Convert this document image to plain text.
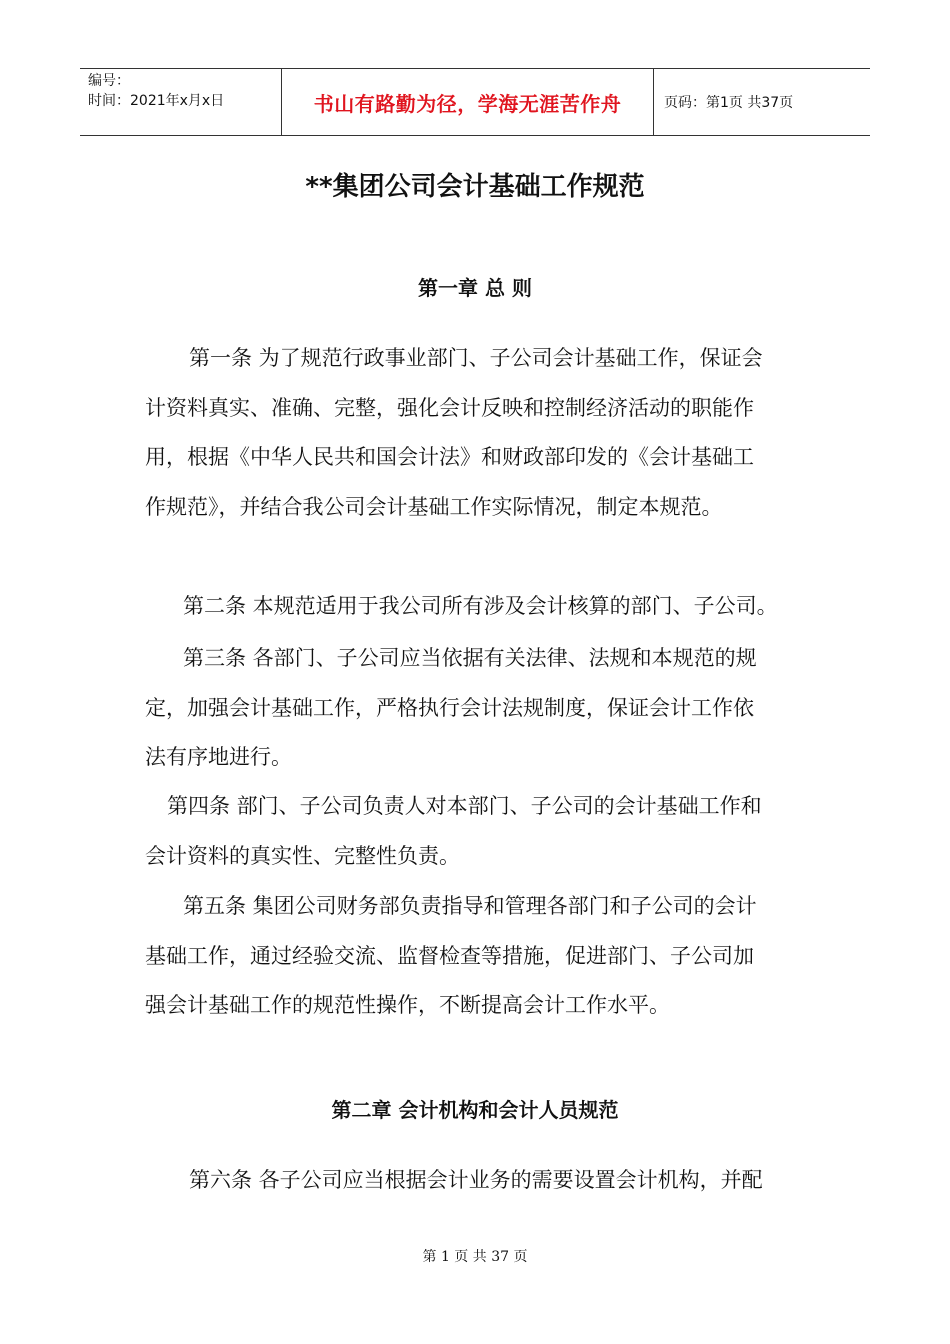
编号：
时间：2021年x月x日	书山有路勤为径，学海无涯苦作舟	页码：第1页 共37页
**集团公司会计基础工作规范
第一章 总 则
第一条 为了规范行政事业部门、子公司会计基础工作，保证会
计资料真实、准确、完整，强化会计反映和控制经济活动的职能作
用，根据《中华人民共和国会计法》和财政部印发的《会计基础工
作规范》，并结合我公司会计基础工作实际情况，制定本规范。
第二条 本规范适用于我公司所有涉及会计核算的部门、子公司。
第三条 各部门、子公司应当依据有关法律、法规和本规范的规
定，加强会计基础工作，严格执行会计法规制度，保证会计工作依
法有序地进行。
第四条 部门、子公司负责人对本部门、子公司的会计基础工作和
会计资料的真实性、完整性负责。
第五条 集团公司财务部负责指导和管理各部门和子公司的会计
基础工作，通过经验交流、监督检查等措施，促进部门、子公司加
强会计基础工作的规范性操作，不断提高会计工作水平。
第二章 会计机构和会计人员规范
第六条 各子公司应当根据会计业务的需要设置会计机构，并配
第 1 页 共 37 页
